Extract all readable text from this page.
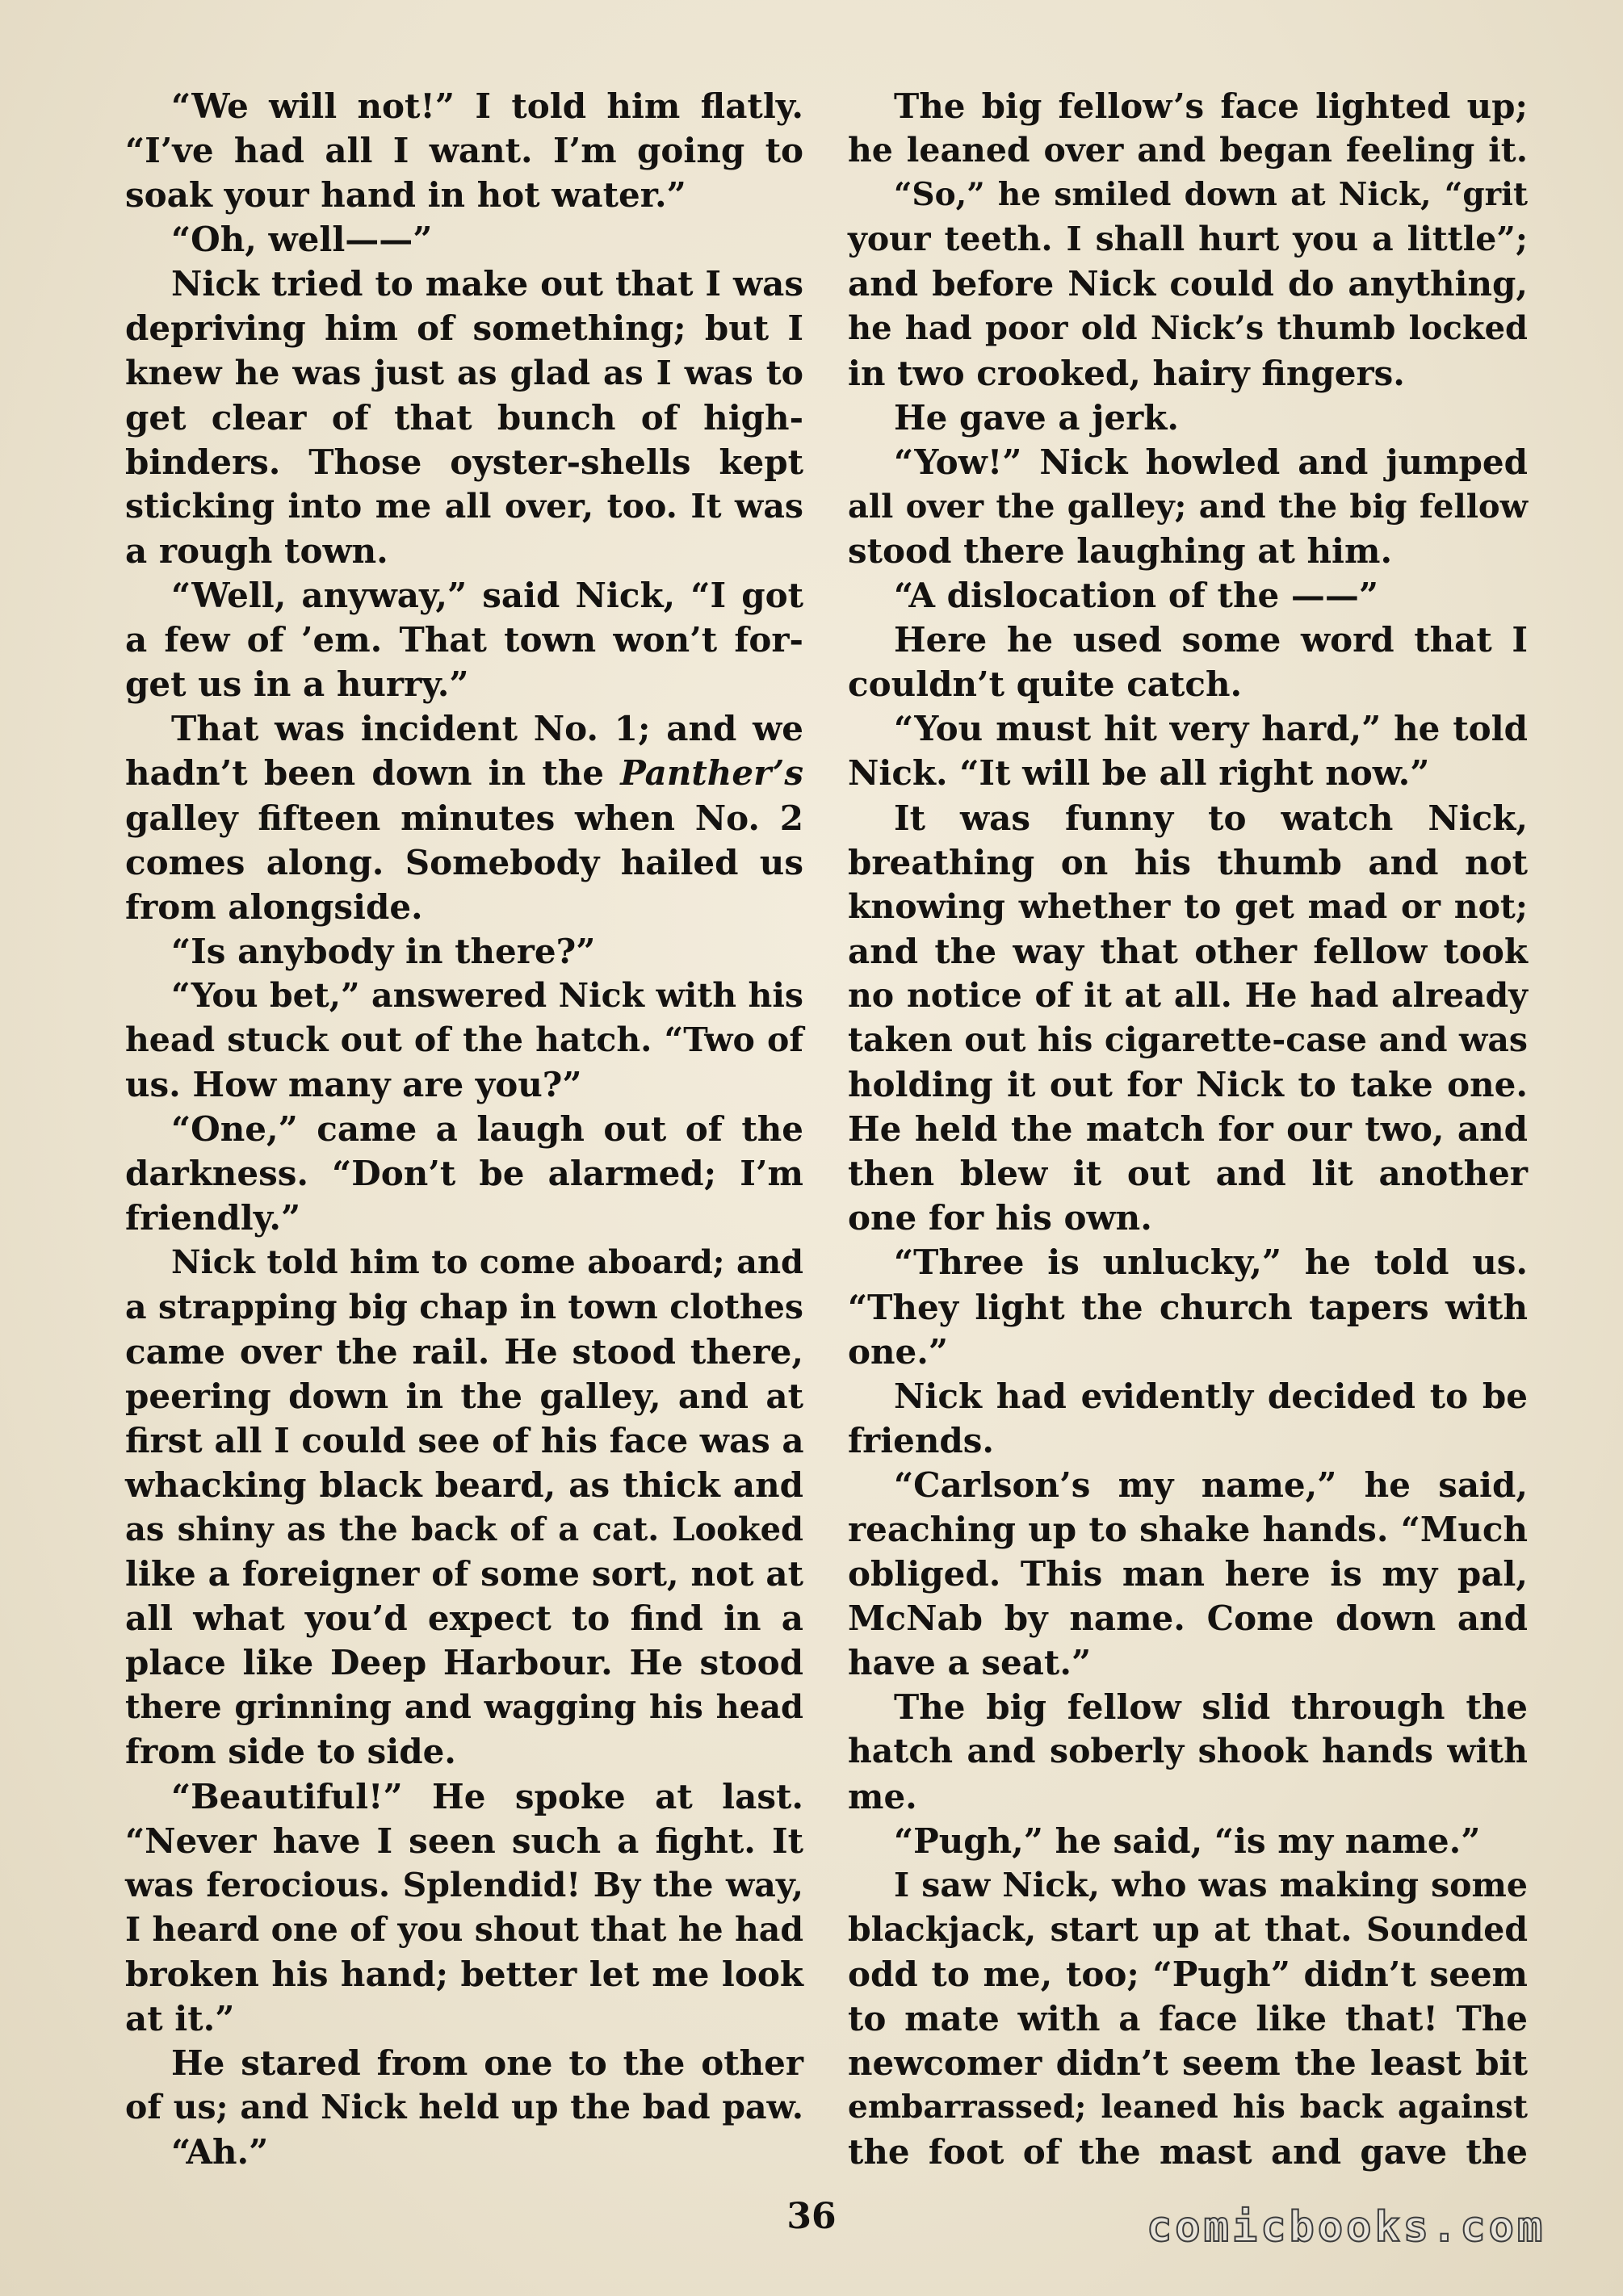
“We will not!” I told him flatly.
“I’ve had all I want. I’m going to
soak your hand in hot water.”
“Oh, well——”
Nick tried to make out that I was
depriving him of something; but I
knew he was just as glad as I was to
get clear of that bunch of high-
binders. Those oyster-shells kept
sticking into me all over, too. It was
a rough town.
“Well, anyway,” said Nick, “I got
a few of ’em. That town won’t for-
get us in a hurry.”
That was incident No. 1; and we
hadn’t been down in the Panther’s
galley fifteen minutes when No. 2
comes along. Somebody hailed us
from alongside.
“Is anybody in there?”
“You bet,” answered Nick with his
head stuck out of the hatch. “Two of
us. How many are you?”
“One,” came a laugh out of the
darkness. “Don’t be alarmed; I’m
friendly.”
Nick told him to come aboard; and
a strapping big chap in town clothes
came over the rail. He stood there,
peering down in the galley, and at
first all I could see of his face was a
whacking black beard, as thick and
as shiny as the back of a cat. Looked
like a foreigner of some sort, not at
all what you’d expect to find in a
place like Deep Harbour. He stood
there grinning and wagging his head
from side to side.
“Beautiful!” He spoke at last.
“Never have I seen such a fight. It
was ferocious. Splendid! By the way,
I heard one of you shout that he had
broken his hand; better let me look
at it.”
He stared from one to the other
of us; and Nick held up the bad paw.
“Ah.”
The big fellow’s face lighted up;
he leaned over and began feeling it.
“So,” he smiled down at Nick, “grit
your teeth. I shall hurt you a little”;
and before Nick could do anything,
he had poor old Nick’s thumb locked
in two crooked, hairy fingers.
He gave a jerk.
“Yow!” Nick howled and jumped
all over the galley; and the big fellow
stood there laughing at him.
“A dislocation of the ——”
Here he used some word that I
couldn’t quite catch.
“You must hit very hard,” he told
Nick. “It will be all right now.”
It was funny to watch Nick,
breathing on his thumb and not
knowing whether to get mad or not;
and the way that other fellow took
no notice of it at all. He had already
taken out his cigarette-case and was
holding it out for Nick to take one.
He held the match for our two, and
then blew it out and lit another
one for his own.
“Three is unlucky,” he told us.
“They light the church tapers with
one.”
Nick had evidently decided to be
friends.
“Carlson’s my name,” he said,
reaching up to shake hands. “Much
obliged. This man here is my pal,
McNab by name. Come down and
have a seat.”
The big fellow slid through the
hatch and soberly shook hands with
me.
“Pugh,” he said, “is my name.”
I saw Nick, who was making some
blackjack, start up at that. Sounded
odd to me, too; “Pugh” didn’t seem
to mate with a face like that! The
newcomer didn’t seem the least bit
embarrassed; leaned his back against
the foot of the mast and gave the
36	comicbooks.com
